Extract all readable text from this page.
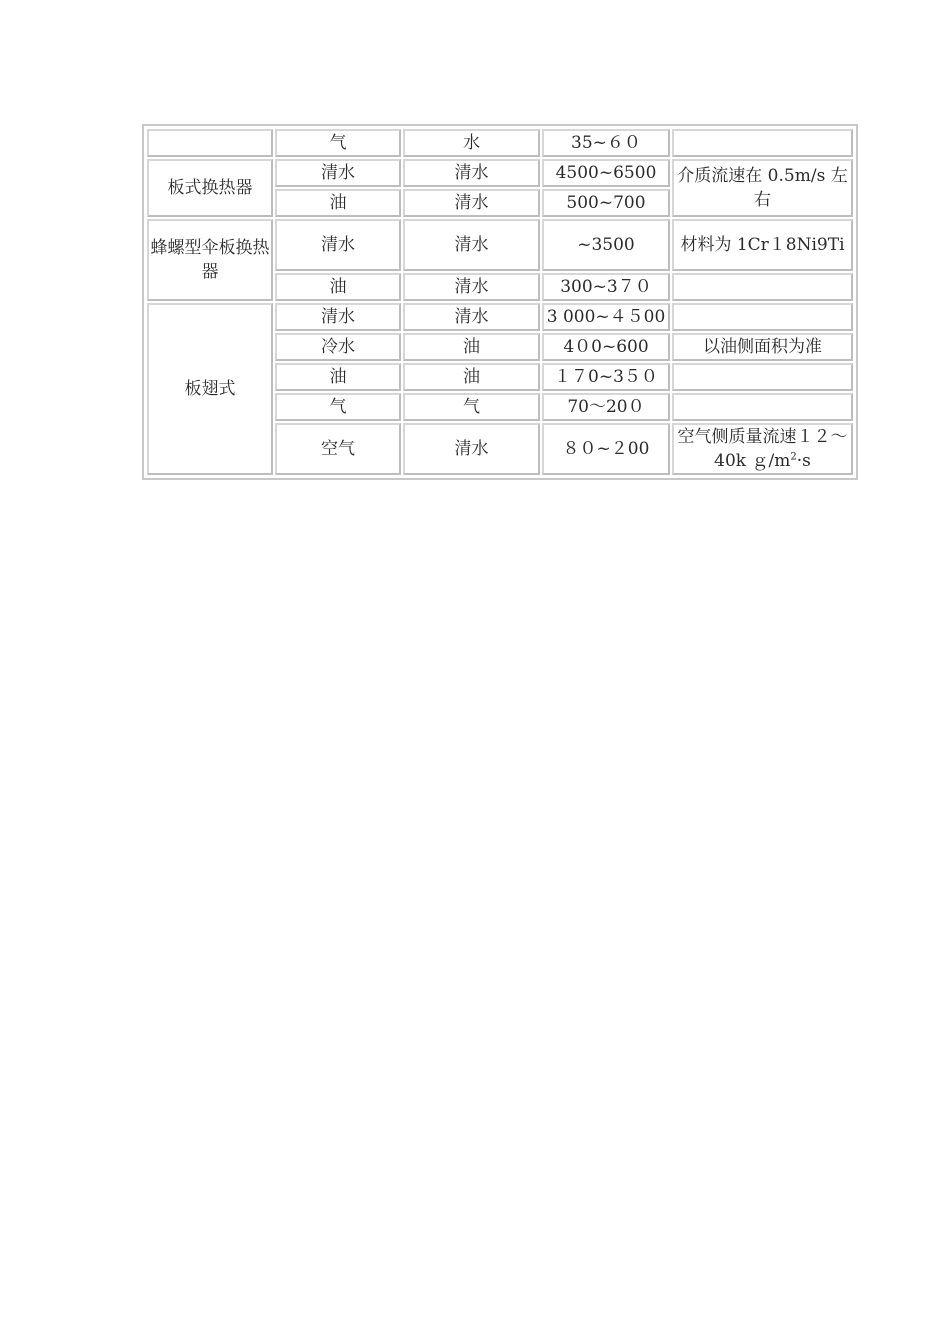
	气	水	35~６０	
板式换热器	清水	清水	4500~6500	介质流速在 0.5m/s 左右
	油	清水	500~700	
蜂螺型伞板换热器	清水	清水	~3500	材料为 1Cr１8Ni9Ti
	油	清水	300~3７０	
板翅式	清水	清水	3 000~４５00	
	冷水	油	4０0~600	以油侧面积为准
	油	油	１７0~3５０	
	气	气	70～20０	
	空气	清水	８０~２00	空气侧质量流速１２～40k $g/m^2\cdot s$
